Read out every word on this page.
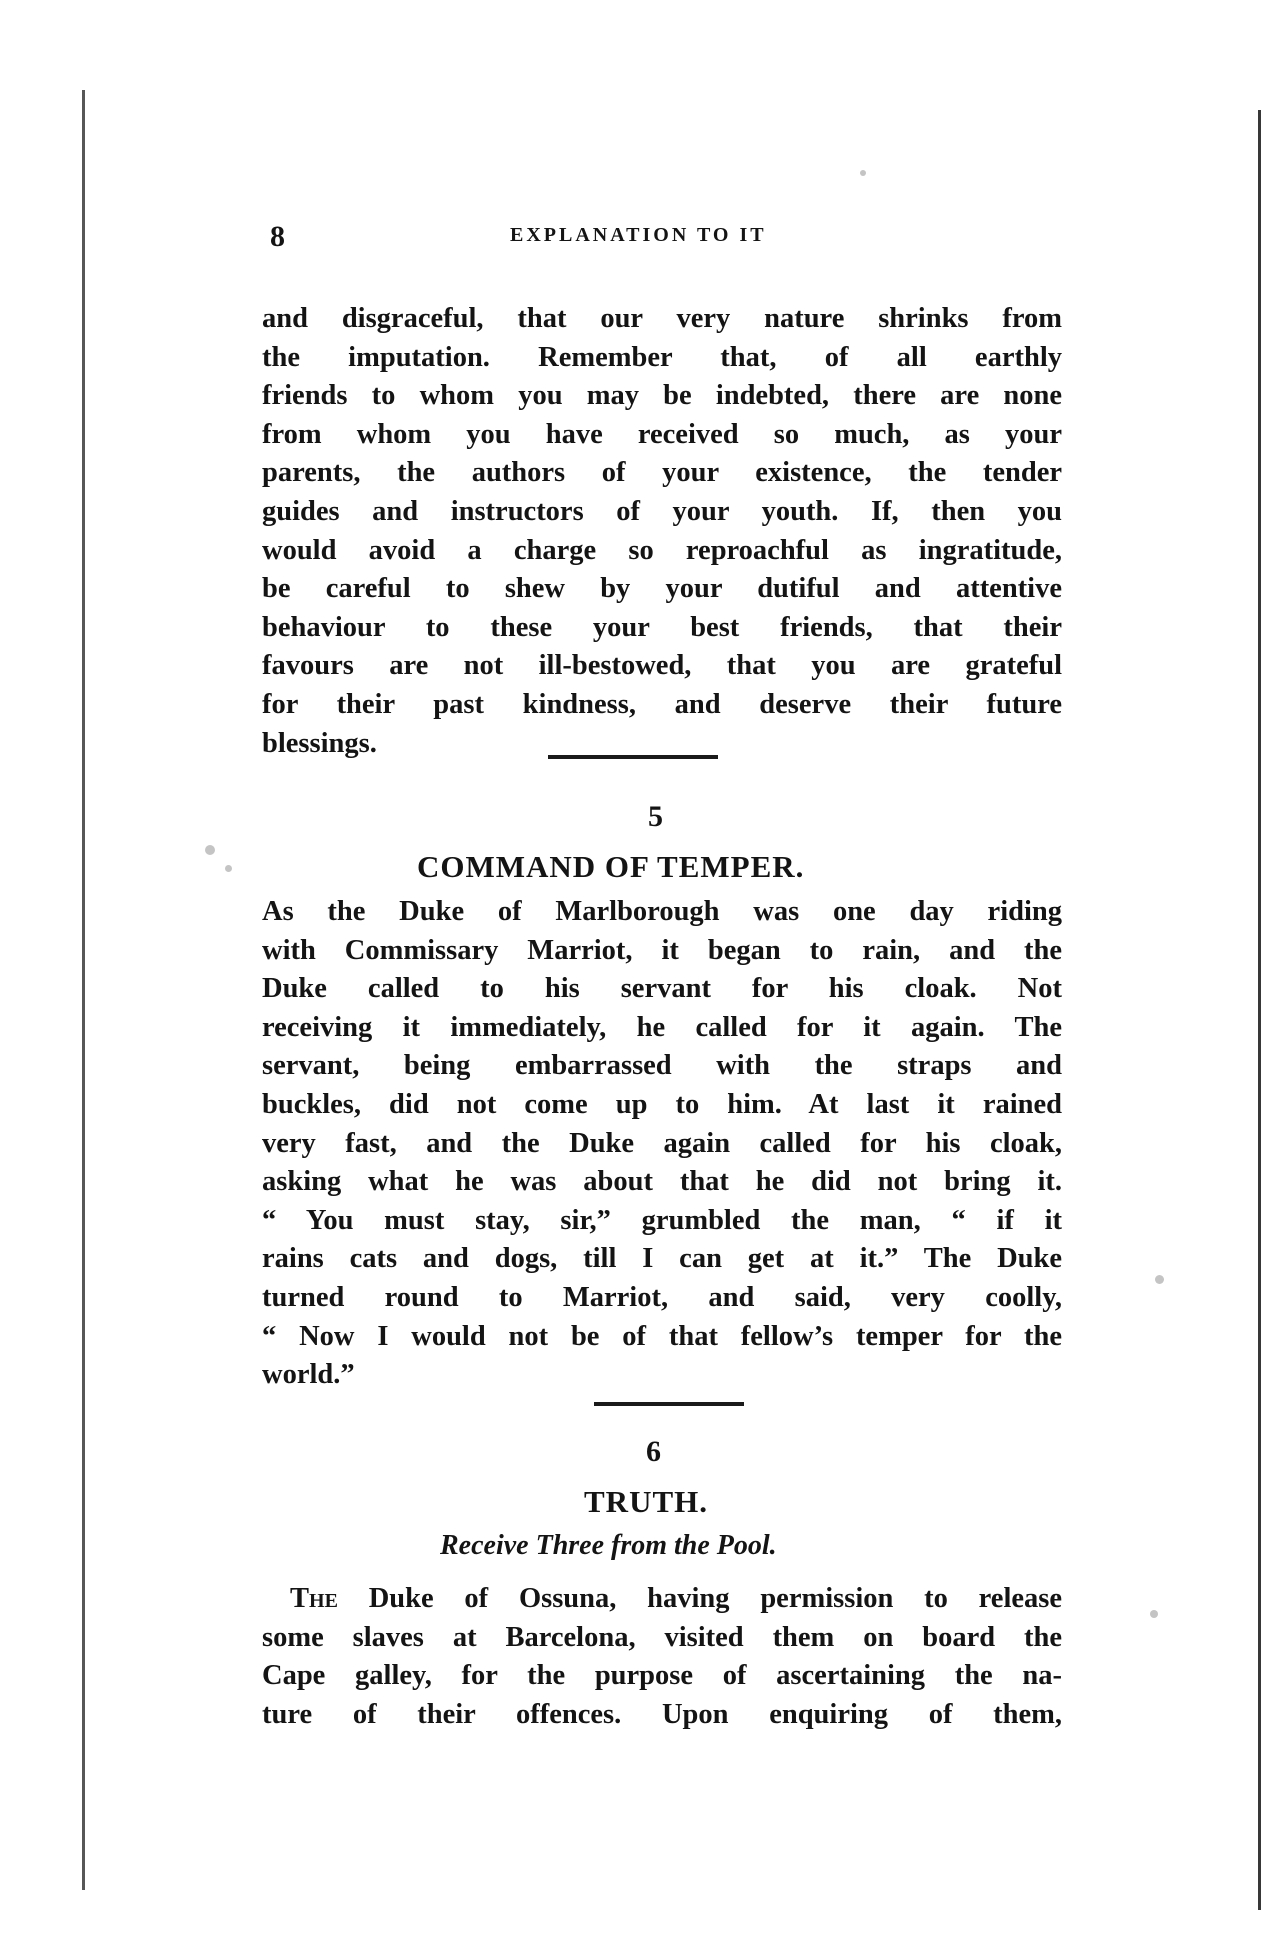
8	EXPLANATION TO IT
and disgraceful, that our very nature shrinks from
the imputation. Remember that, of all earthly
friends to whom you may be indebted, there are none
from whom you have received so much, as your
parents, the authors of your existence, the tender
guides and instructors of your youth. If, then you
would avoid a charge so reproachful as ingratitude,
be careful to shew by your dutiful and attentive
behaviour to these your best friends, that their
favours are not ill-bestowed, that you are grateful
for their past kindness, and deserve their future
blessings.
5
COMMAND OF TEMPER.
As the Duke of Marlborough was one day riding
with Commissary Marriot, it began to rain, and the
Duke called to his servant for his cloak. Not
receiving it immediately, he called for it again. The
servant, being embarrassed with the straps and
buckles, did not come up to him. At last it rained
very fast, and the Duke again called for his cloak,
asking what he was about that he did not bring it.
“ You must stay, sir,” grumbled the man, “ if it
rains cats and dogs, till I can get at it.” The Duke
turned round to Marriot, and said, very coolly,
“ Now I would not be of that fellow’s temper for the
world.”
6
TRUTH.
Receive Three from the Pool.
The Duke of Ossuna, having permission to release
some slaves at Barcelona, visited them on board the
Cape galley, for the purpose of ascertaining the na-
ture of their offences. Upon enquiring of them,
